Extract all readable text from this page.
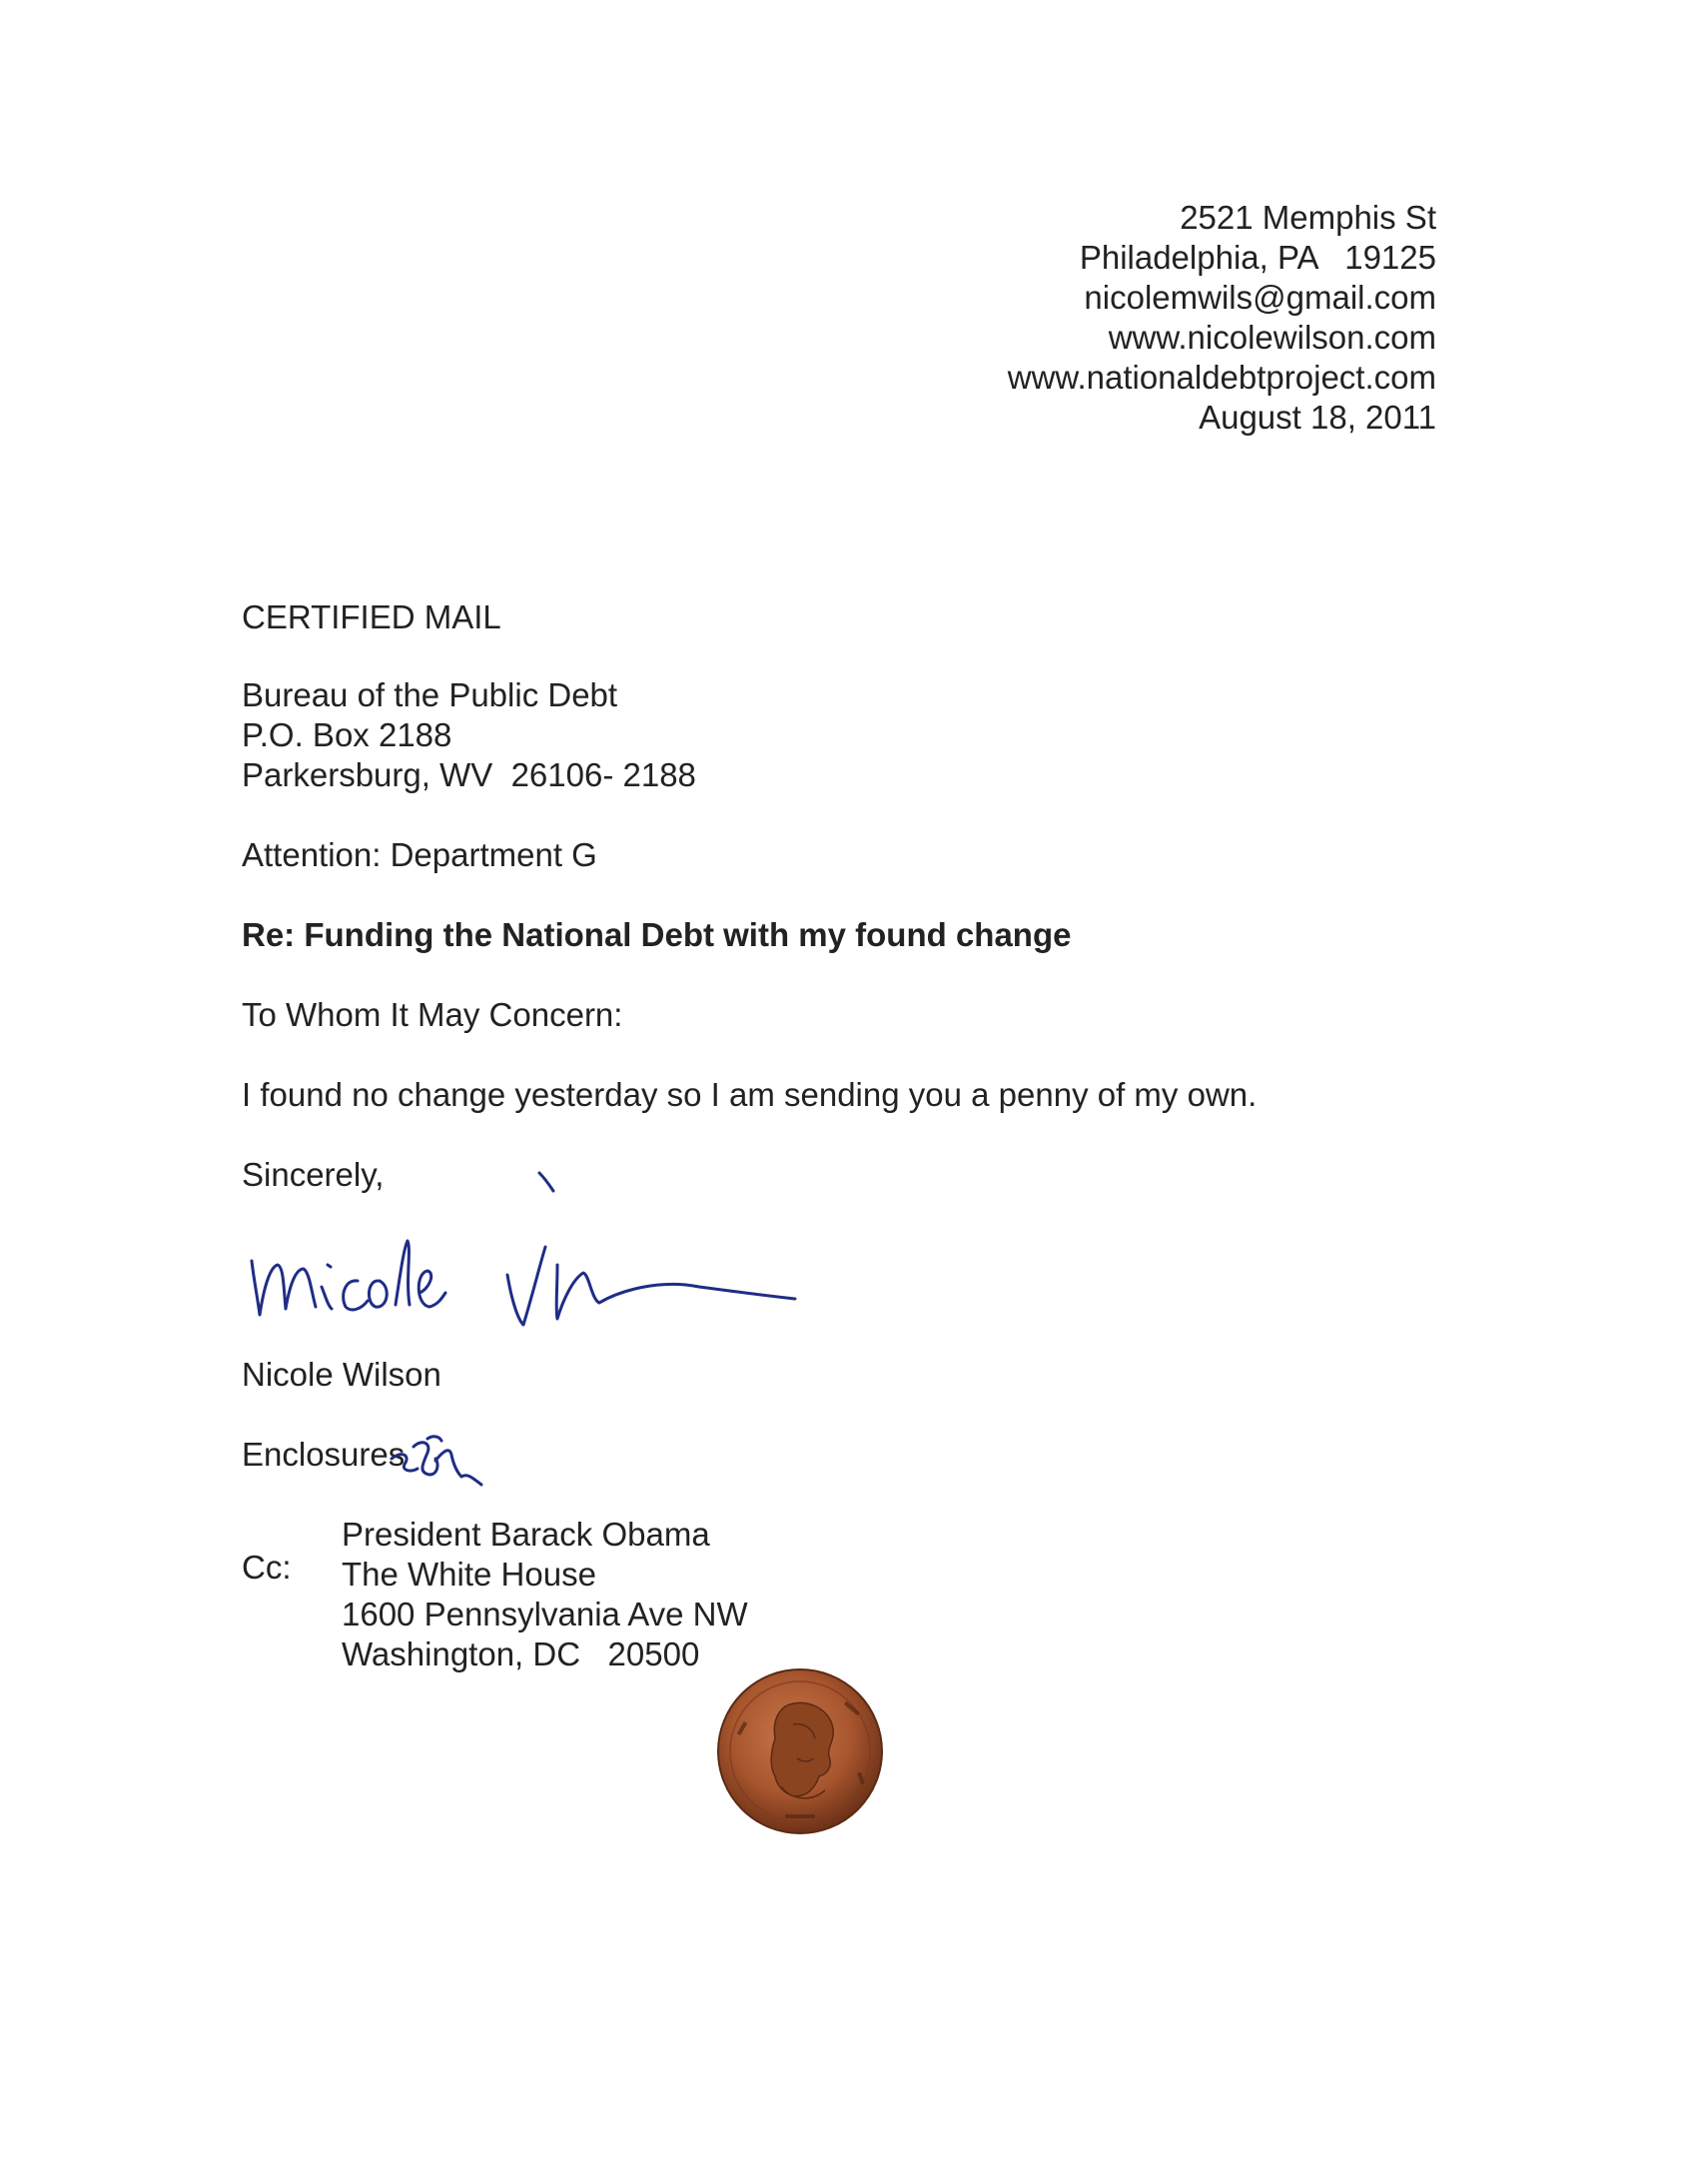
2521 Memphis St
Philadelphia, PA   19125
nicolemwils@gmail.com
www.nicolewilson.com
www.nationaldebtproject.com
August 18, 2011

CERTIFIED MAIL

Bureau of the Public Debt
P.O. Box 2188
Parkersburg, WV  26106- 2188

Attention: Department G

Re: Funding the National Debt with my found change

To Whom It May Concern:

I found no change yesterday so I am sending you a penny of my own.

Sincerely,

Nicole Wilson

Enclosures

Cc:

President Barack Obama
The White House
1600 Pennsylvania Ave NW
Washington, DC   20500
